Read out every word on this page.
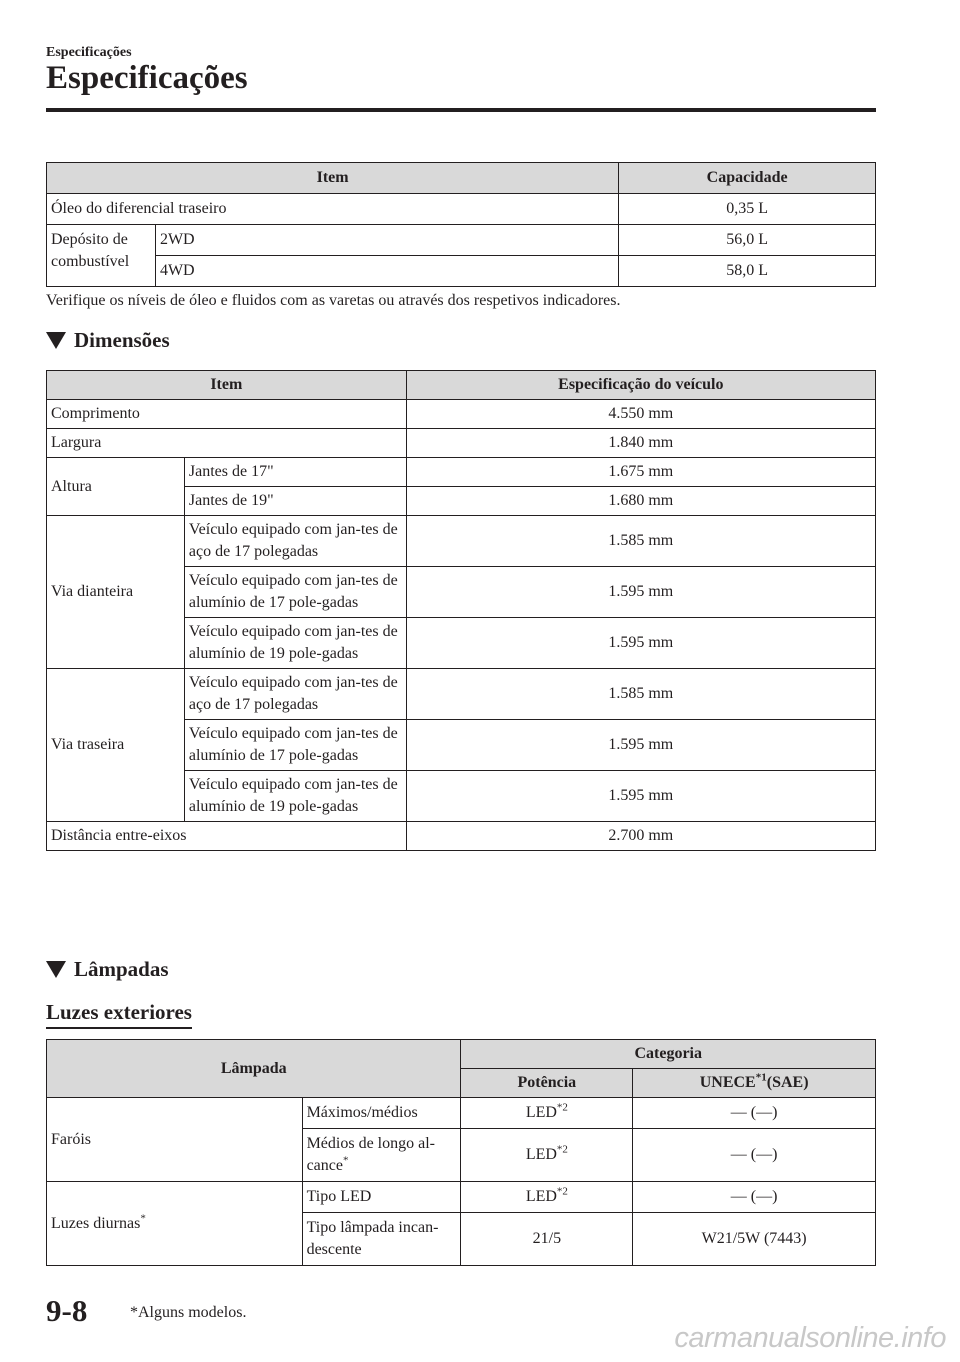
Especificações
Especificações
Item		Capacidade
Óleo do diferencial traseiro		0,35 L
Depósito de combustível	2WD	56,0 L
	4WD	58,0 L
Verifique os níveis de óleo e fluidos com as varetas ou através dos respetivos indicadores.
Dimensões
Item		Especificação do veículo
Comprimento		4.550 mm
Largura		1.840 mm
Altura	Jantes de 17"	1.675 mm
	Jantes de 19"	1.680 mm
Via dianteira	Veículo equipado com jan-tes de aço de 17 polegadas	1.585 mm
	Veículo equipado com jan-tes de alumínio de 17 pole-gadas	1.595 mm
	Veículo equipado com jan-tes de alumínio de 19 pole-gadas	1.595 mm
Via traseira	Veículo equipado com jan-tes de aço de 17 polegadas	1.585 mm
	Veículo equipado com jan-tes de alumínio de 17 pole-gadas	1.595 mm
	Veículo equipado com jan-tes de alumínio de 19 pole-gadas	1.595 mm
Distância entre-eixos		2.700 mm
Lâmpadas
Luzes exteriores
Lâmpada		Categoria	
		Potência	UNECE$^{*1}$(SAE)
Faróis	Máximos/médios	LED$^{*2}$	— (—)
	Médios de longo al-cance*	LED$^{*2}$	— (—)
Luzes diurnas*	Tipo LED	LED$^{*2}$	— (—)
	Tipo lâmpada incan-descente	21/5	W21/5W (7443)
9-8	*Alguns modelos.
carmanualsonline.info
